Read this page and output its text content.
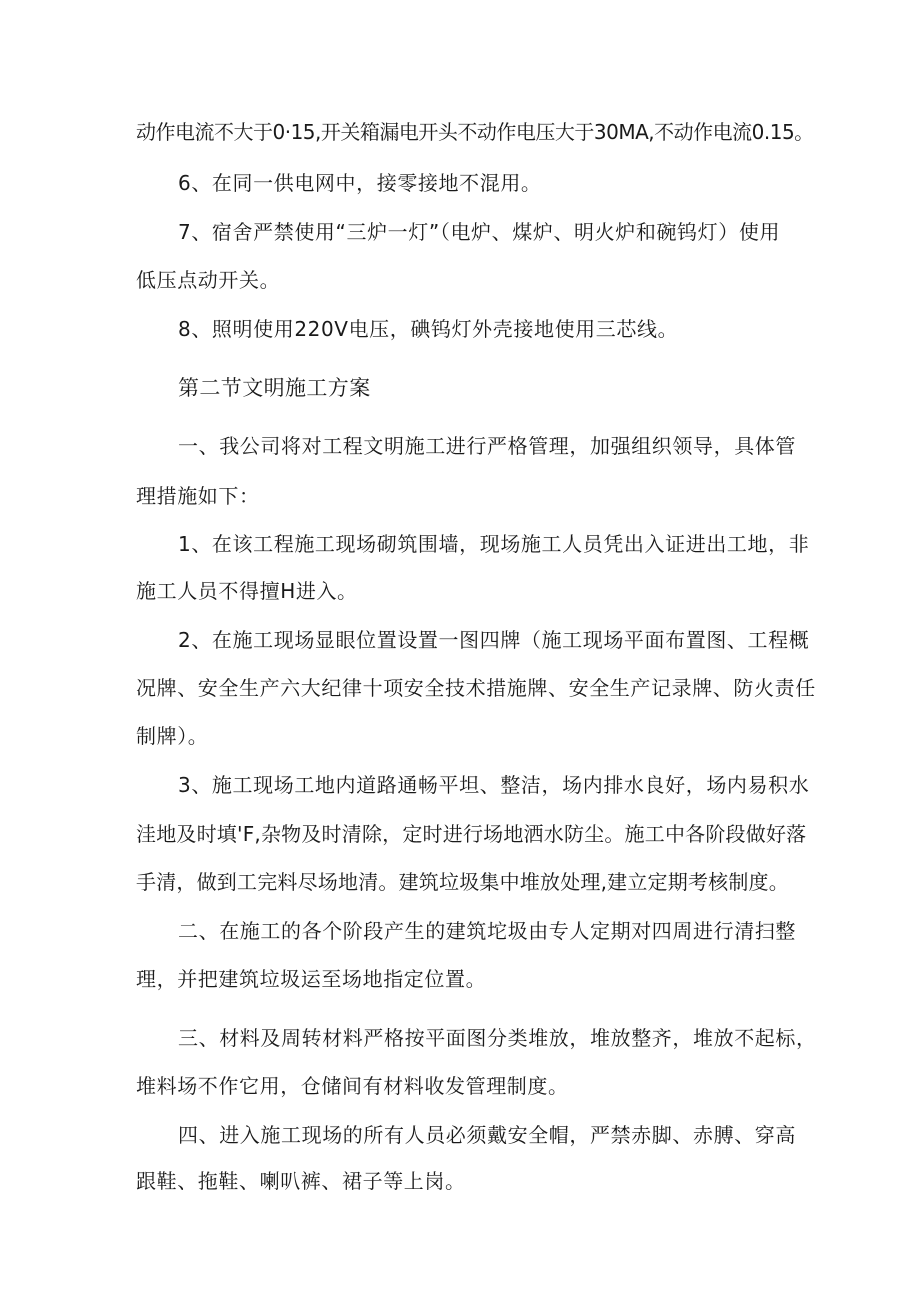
动作电流不大于0·15,开关箱漏电开头不动作电压大于30MA,不动作电流0.15。

6、在同一供电网中，接零接地不混用。

7、宿舍严禁使用“三炉一灯”（电炉、煤炉、明火炉和碗钨灯）使用

低压点动开关。

8、照明使用220V电压，碘钨灯外壳接地使用三芯线。

第二节文明施工方案

一、我公司将对工程文明施工进行严格管理，加强组织领导，具体管

理措施如下：

1、在该工程施工现场砌筑围墙，现场施工人员凭出入证进出工地，非

施工人员不得擅H进入。

2、在施工现场显眼位置设置一图四牌（施工现场平面布置图、工程概

况牌、安全生产六大纪律十项安全技术措施牌、安全生产记录牌、防火责任

制牌）。

3、施工现场工地内道路通畅平坦、整洁，场内排水良好，场内易积水

洼地及时填'F,杂物及时清除，定时进行场地洒水防尘。施工中各阶段做好落

手清，做到工完料尽场地清。建筑垃圾集中堆放处理,建立定期考核制度。

二、在施工的各个阶段产生的建筑坨圾由专人定期对四周进行清扫整

理，并把建筑垃圾运至场地指定位置。

三、材料及周转材料严格按平面图分类堆放，堆放整齐，堆放不起标，

堆料场不作它用，仓储间有材料收发管理制度。

四、进入施工现场的所有人员必须戴安全帽，严禁赤脚、赤膊、穿高

跟鞋、拖鞋、喇叭裤、裙子等上岗。
